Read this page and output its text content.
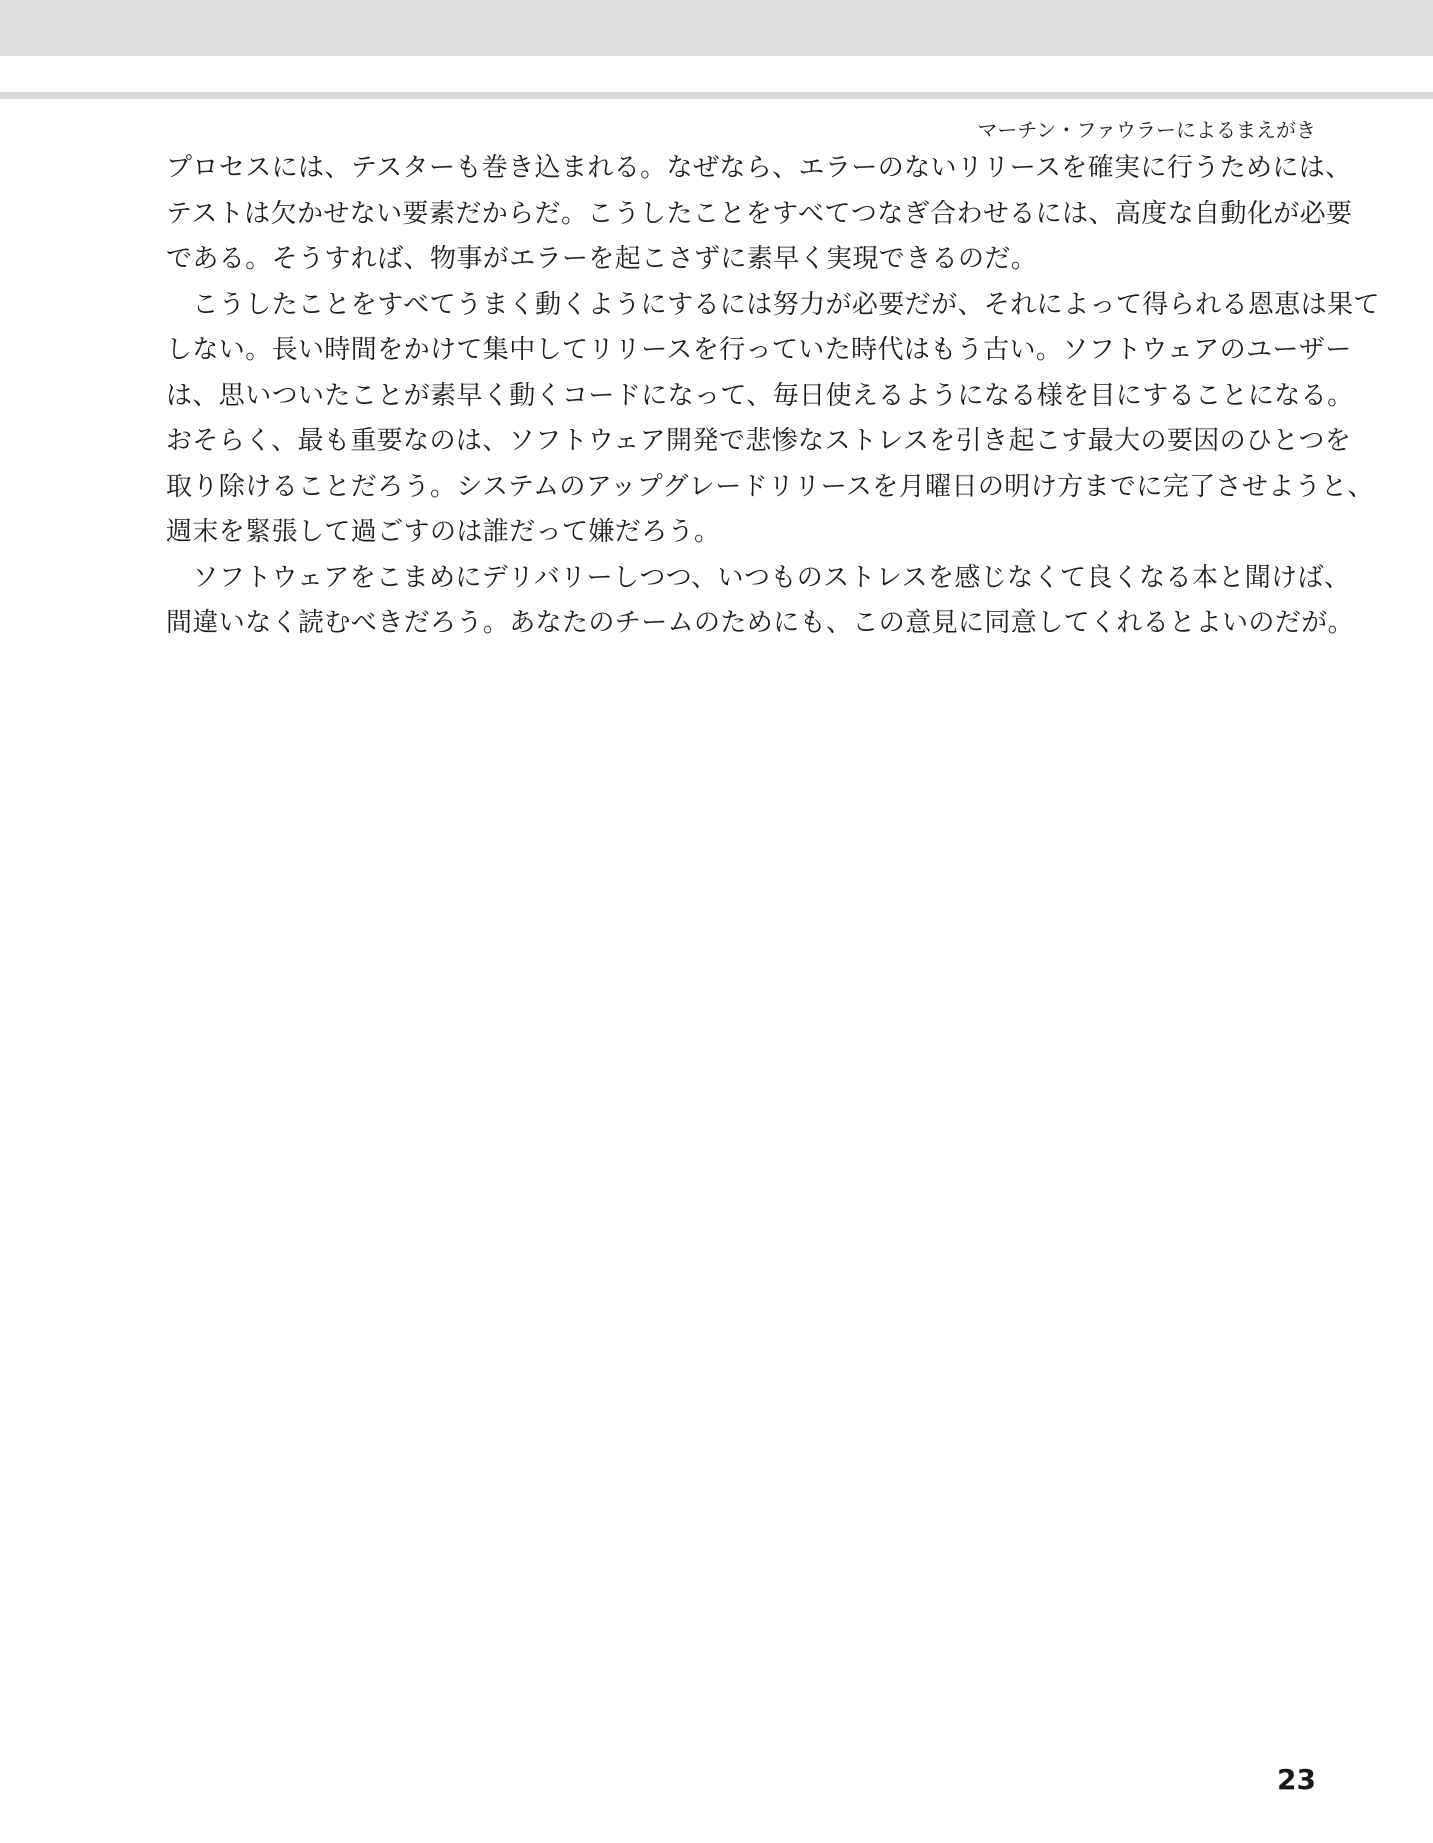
マーチン・ファウラーによるまえがき

プロセスには、テスターも巻き込まれる。なぜなら、エラーのないリリースを確実に行うためには、
テストは欠かせない要素だからだ。こうしたことをすべてつなぎ合わせるには、高度な自動化が必要
である。そうすれば、物事がエラーを起こさずに素早く実現できるのだ。

　こうしたことをすべてうまく動くようにするには努力が必要だが、それによって得られる恩恵は果て
しない。長い時間をかけて集中してリリースを行っていた時代はもう古い。ソフトウェアのユーザー
は、思いついたことが素早く動くコードになって、毎日使えるようになる様を目にすることになる。
おそらく、最も重要なのは、ソフトウェア開発で悲惨なストレスを引き起こす最大の要因のひとつを
取り除けることだろう。システムのアップグレードリリースを月曜日の明け方までに完了させようと、
週末を緊張して過ごすのは誰だって嫌だろう。

　ソフトウェアをこまめにデリバリーしつつ、いつものストレスを感じなくて良くなる本と聞けば、
間違いなく読むべきだろう。あなたのチームのためにも、この意見に同意してくれるとよいのだが。

23
